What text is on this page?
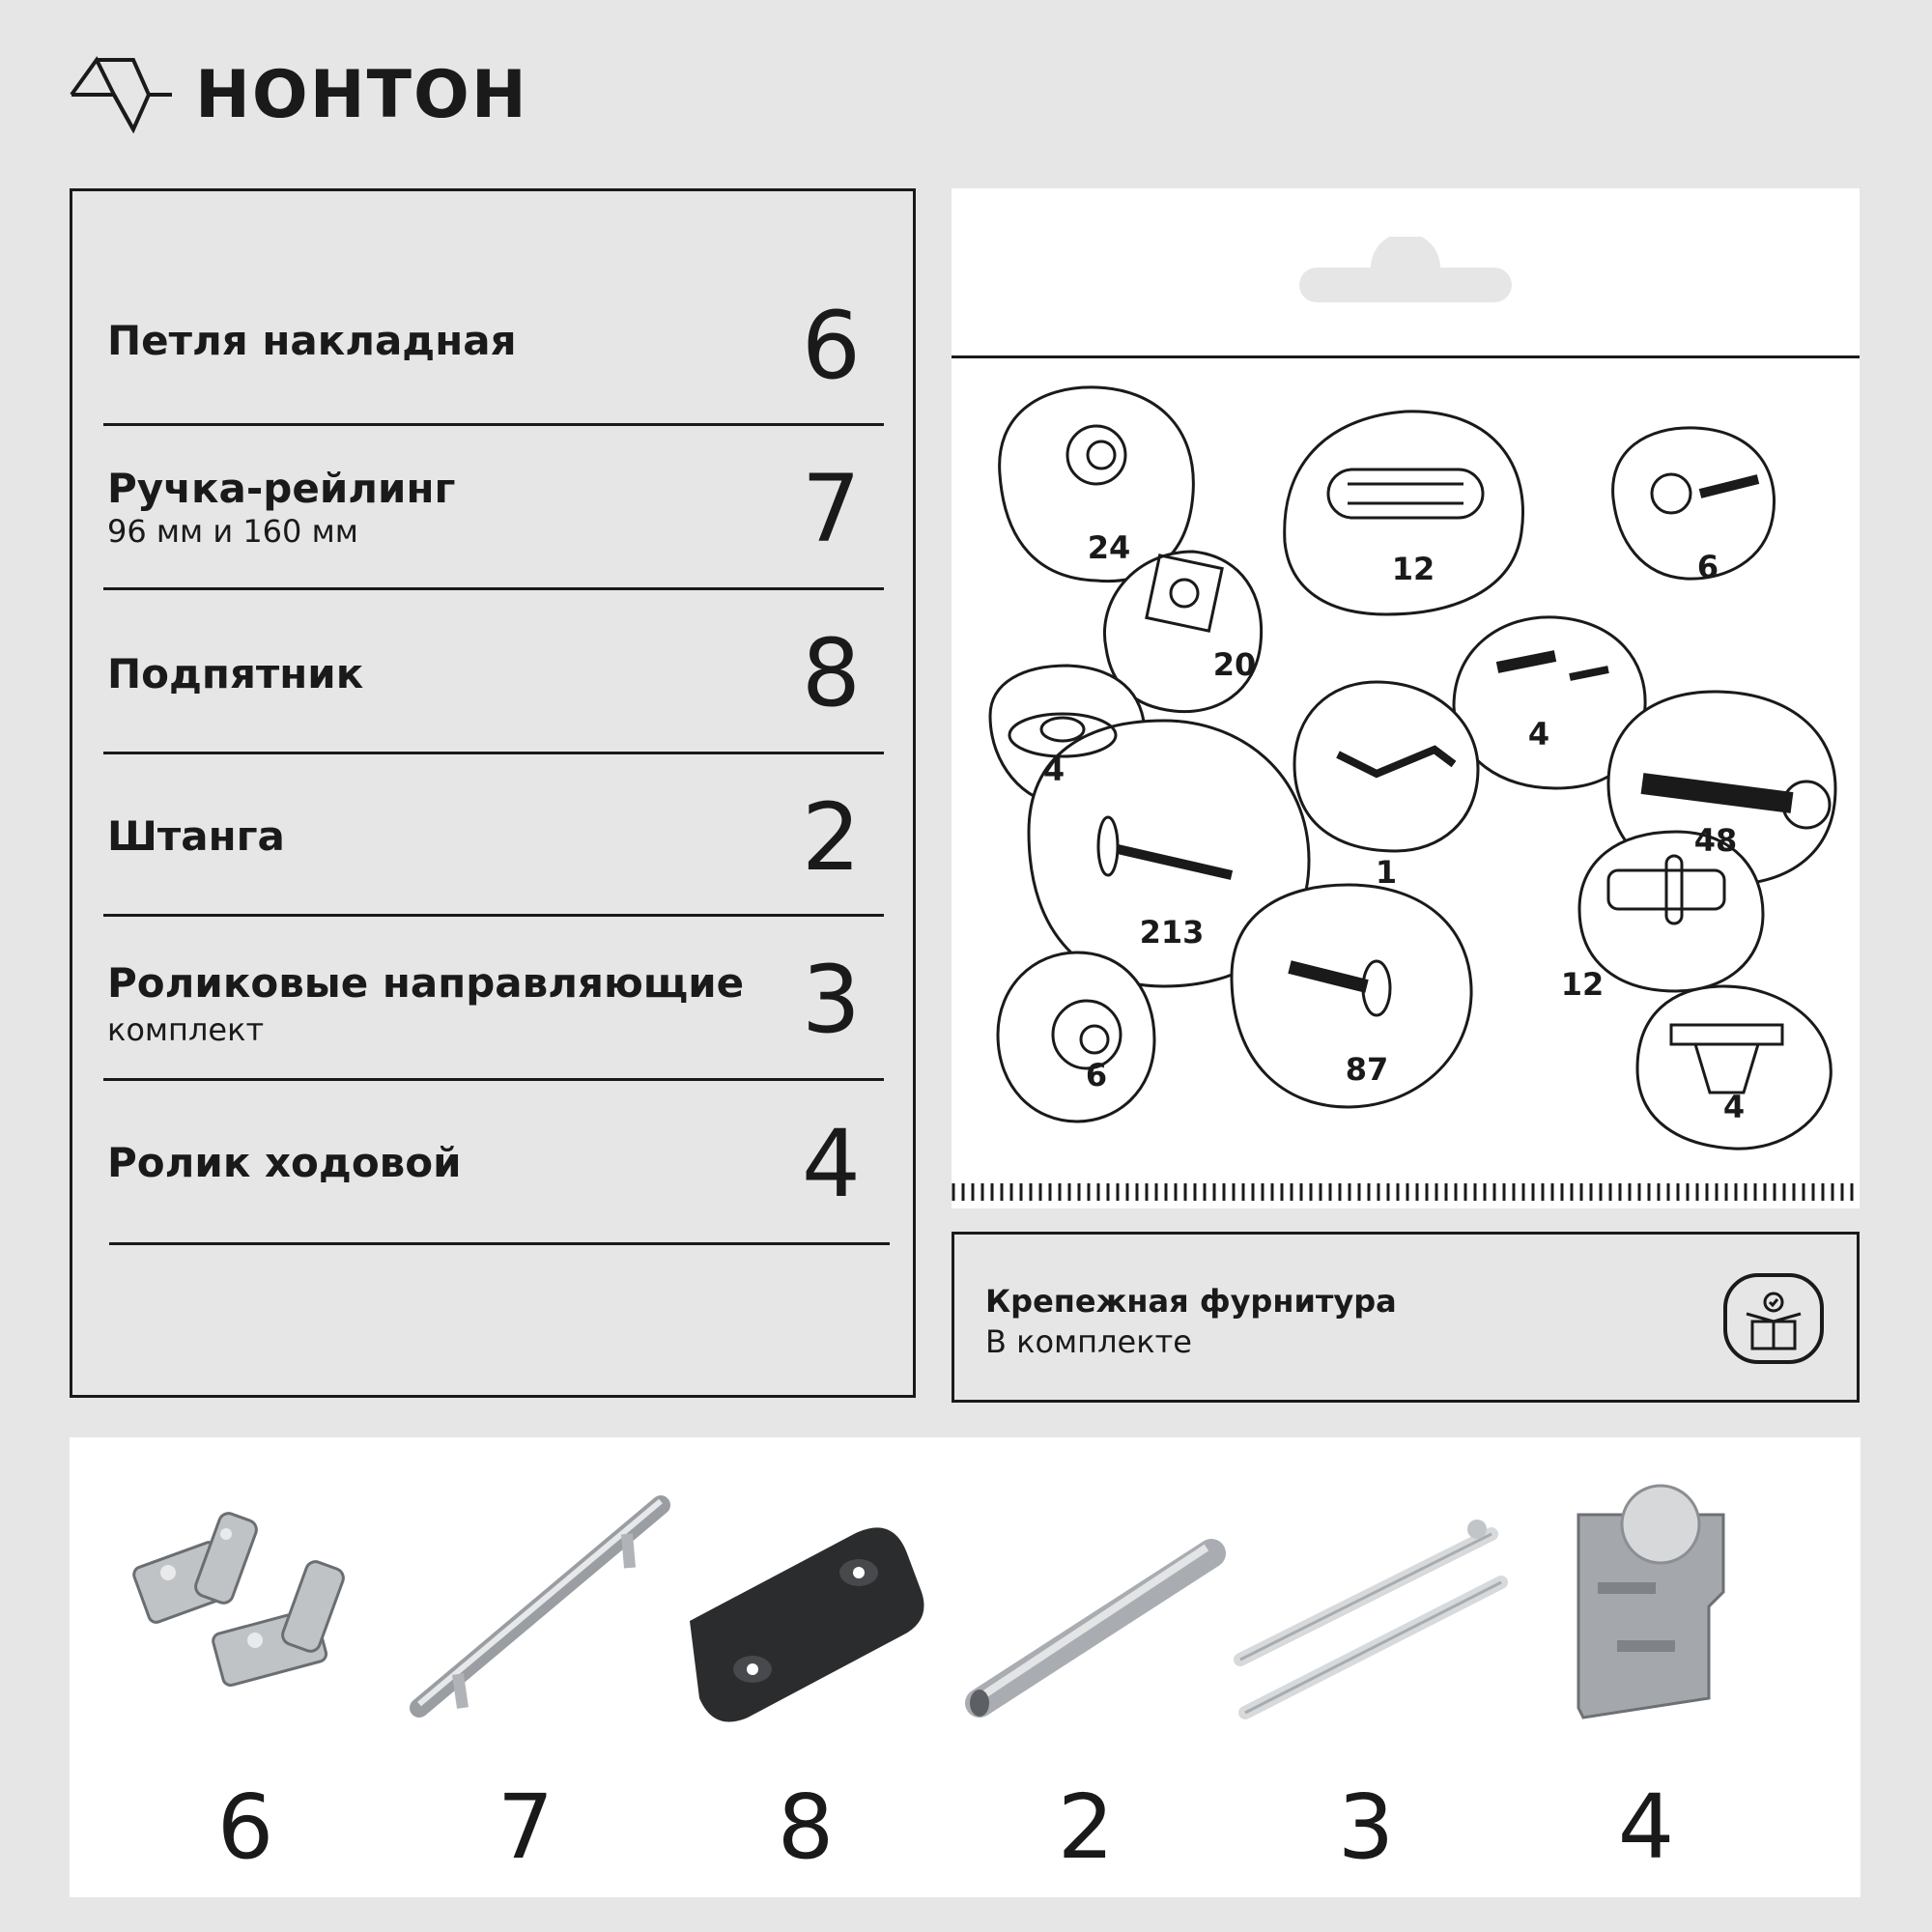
НОНТОН
Петля накладная	6
Ручка-рейлинг
96 мм и 160 мм	7
Подпятник	8
Штанга	2
Роликовые направляющие
комплект	3
Ролик ходовой	4
24
20
12	6
4
4
1
48
213
12
6	87
4
Крепежная фурнитура
В комплекте
6	7	8	2	3	4
